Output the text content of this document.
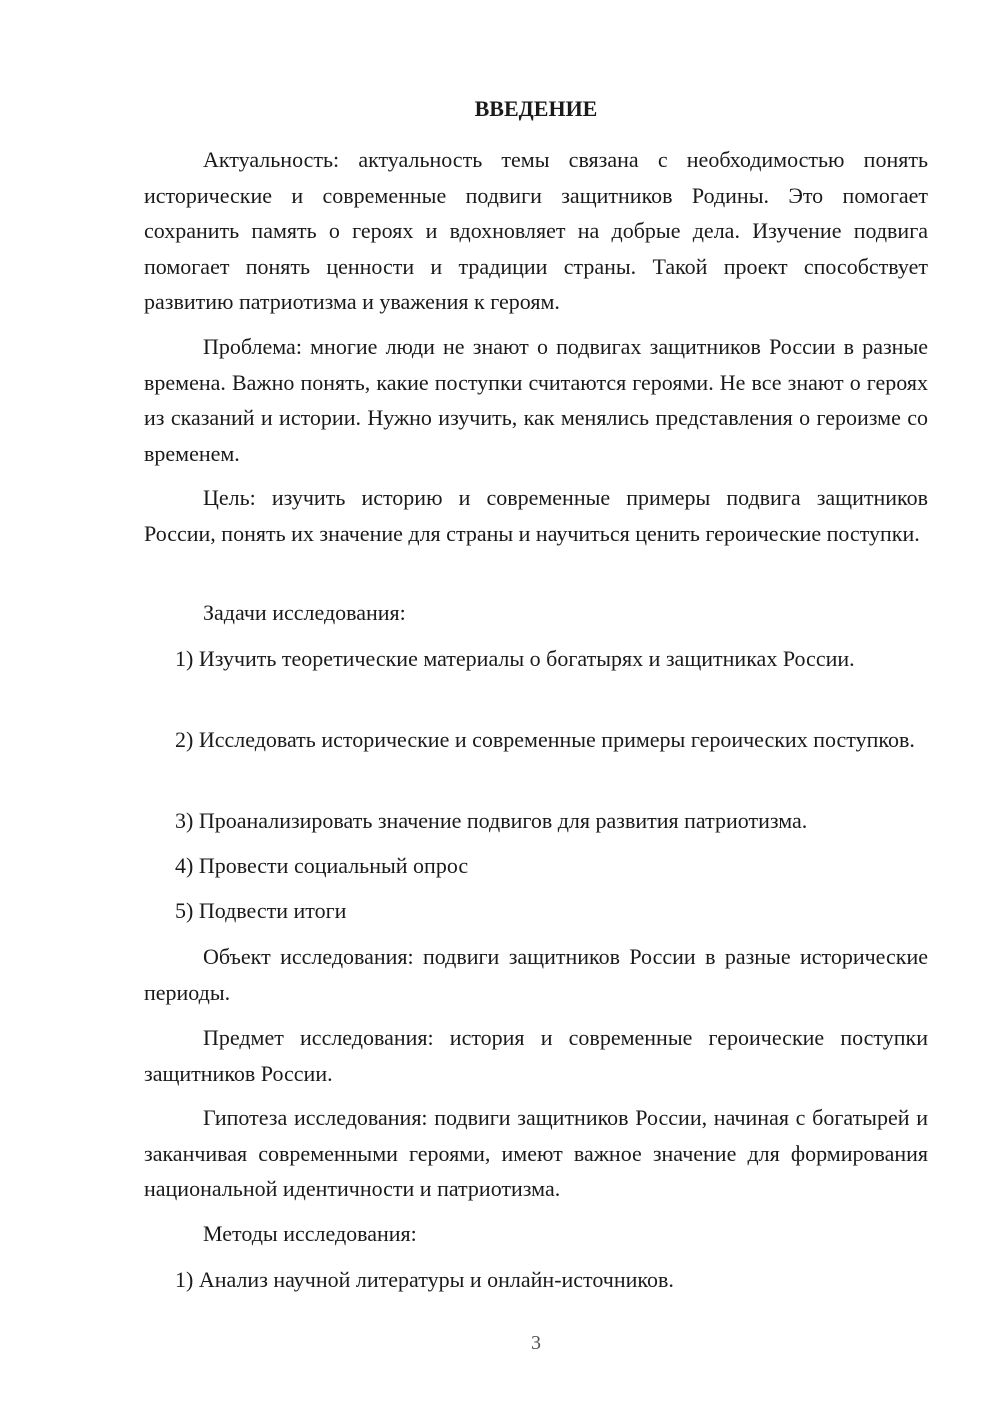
ВВЕДЕНИЕ
Актуальность: актуальность темы связана с необходимостью понять исторические и современные подвиги защитников Родины. Это помогает сохранить память о героях и вдохновляет на добрые дела. Изучение подвига помогает понять ценности и традиции страны. Такой проект способствует развитию патриотизма и уважения к героям.
Проблема: многие люди не знают о подвигах защитников России в разные времена. Важно понять, какие поступки считаются героями. Не все знают о героях из сказаний и истории. Нужно изучить, как менялись представления о героизме со временем.
Цель: изучить историю и современные примеры подвига защитников России, понять их значение для страны и научиться ценить героические поступки.
Задачи исследования:
1) Изучить теоретические материалы о богатырях и защитниках России.
2) Исследовать исторические и современные примеры героических поступков.
3) Проанализировать значение подвигов для развития патриотизма.
4) Провести социальный опрос
5) Подвести итоги
Объект исследования: подвиги защитников России в разные исторические периоды.
Предмет исследования: история и современные героические поступки защитников России.
Гипотеза исследования: подвиги защитников России, начиная с богатырей и заканчивая современными героями, имеют важное значение для формирования национальной идентичности и патриотизма.
Методы исследования:
1) Анализ научной литературы и онлайн-источников.
3
